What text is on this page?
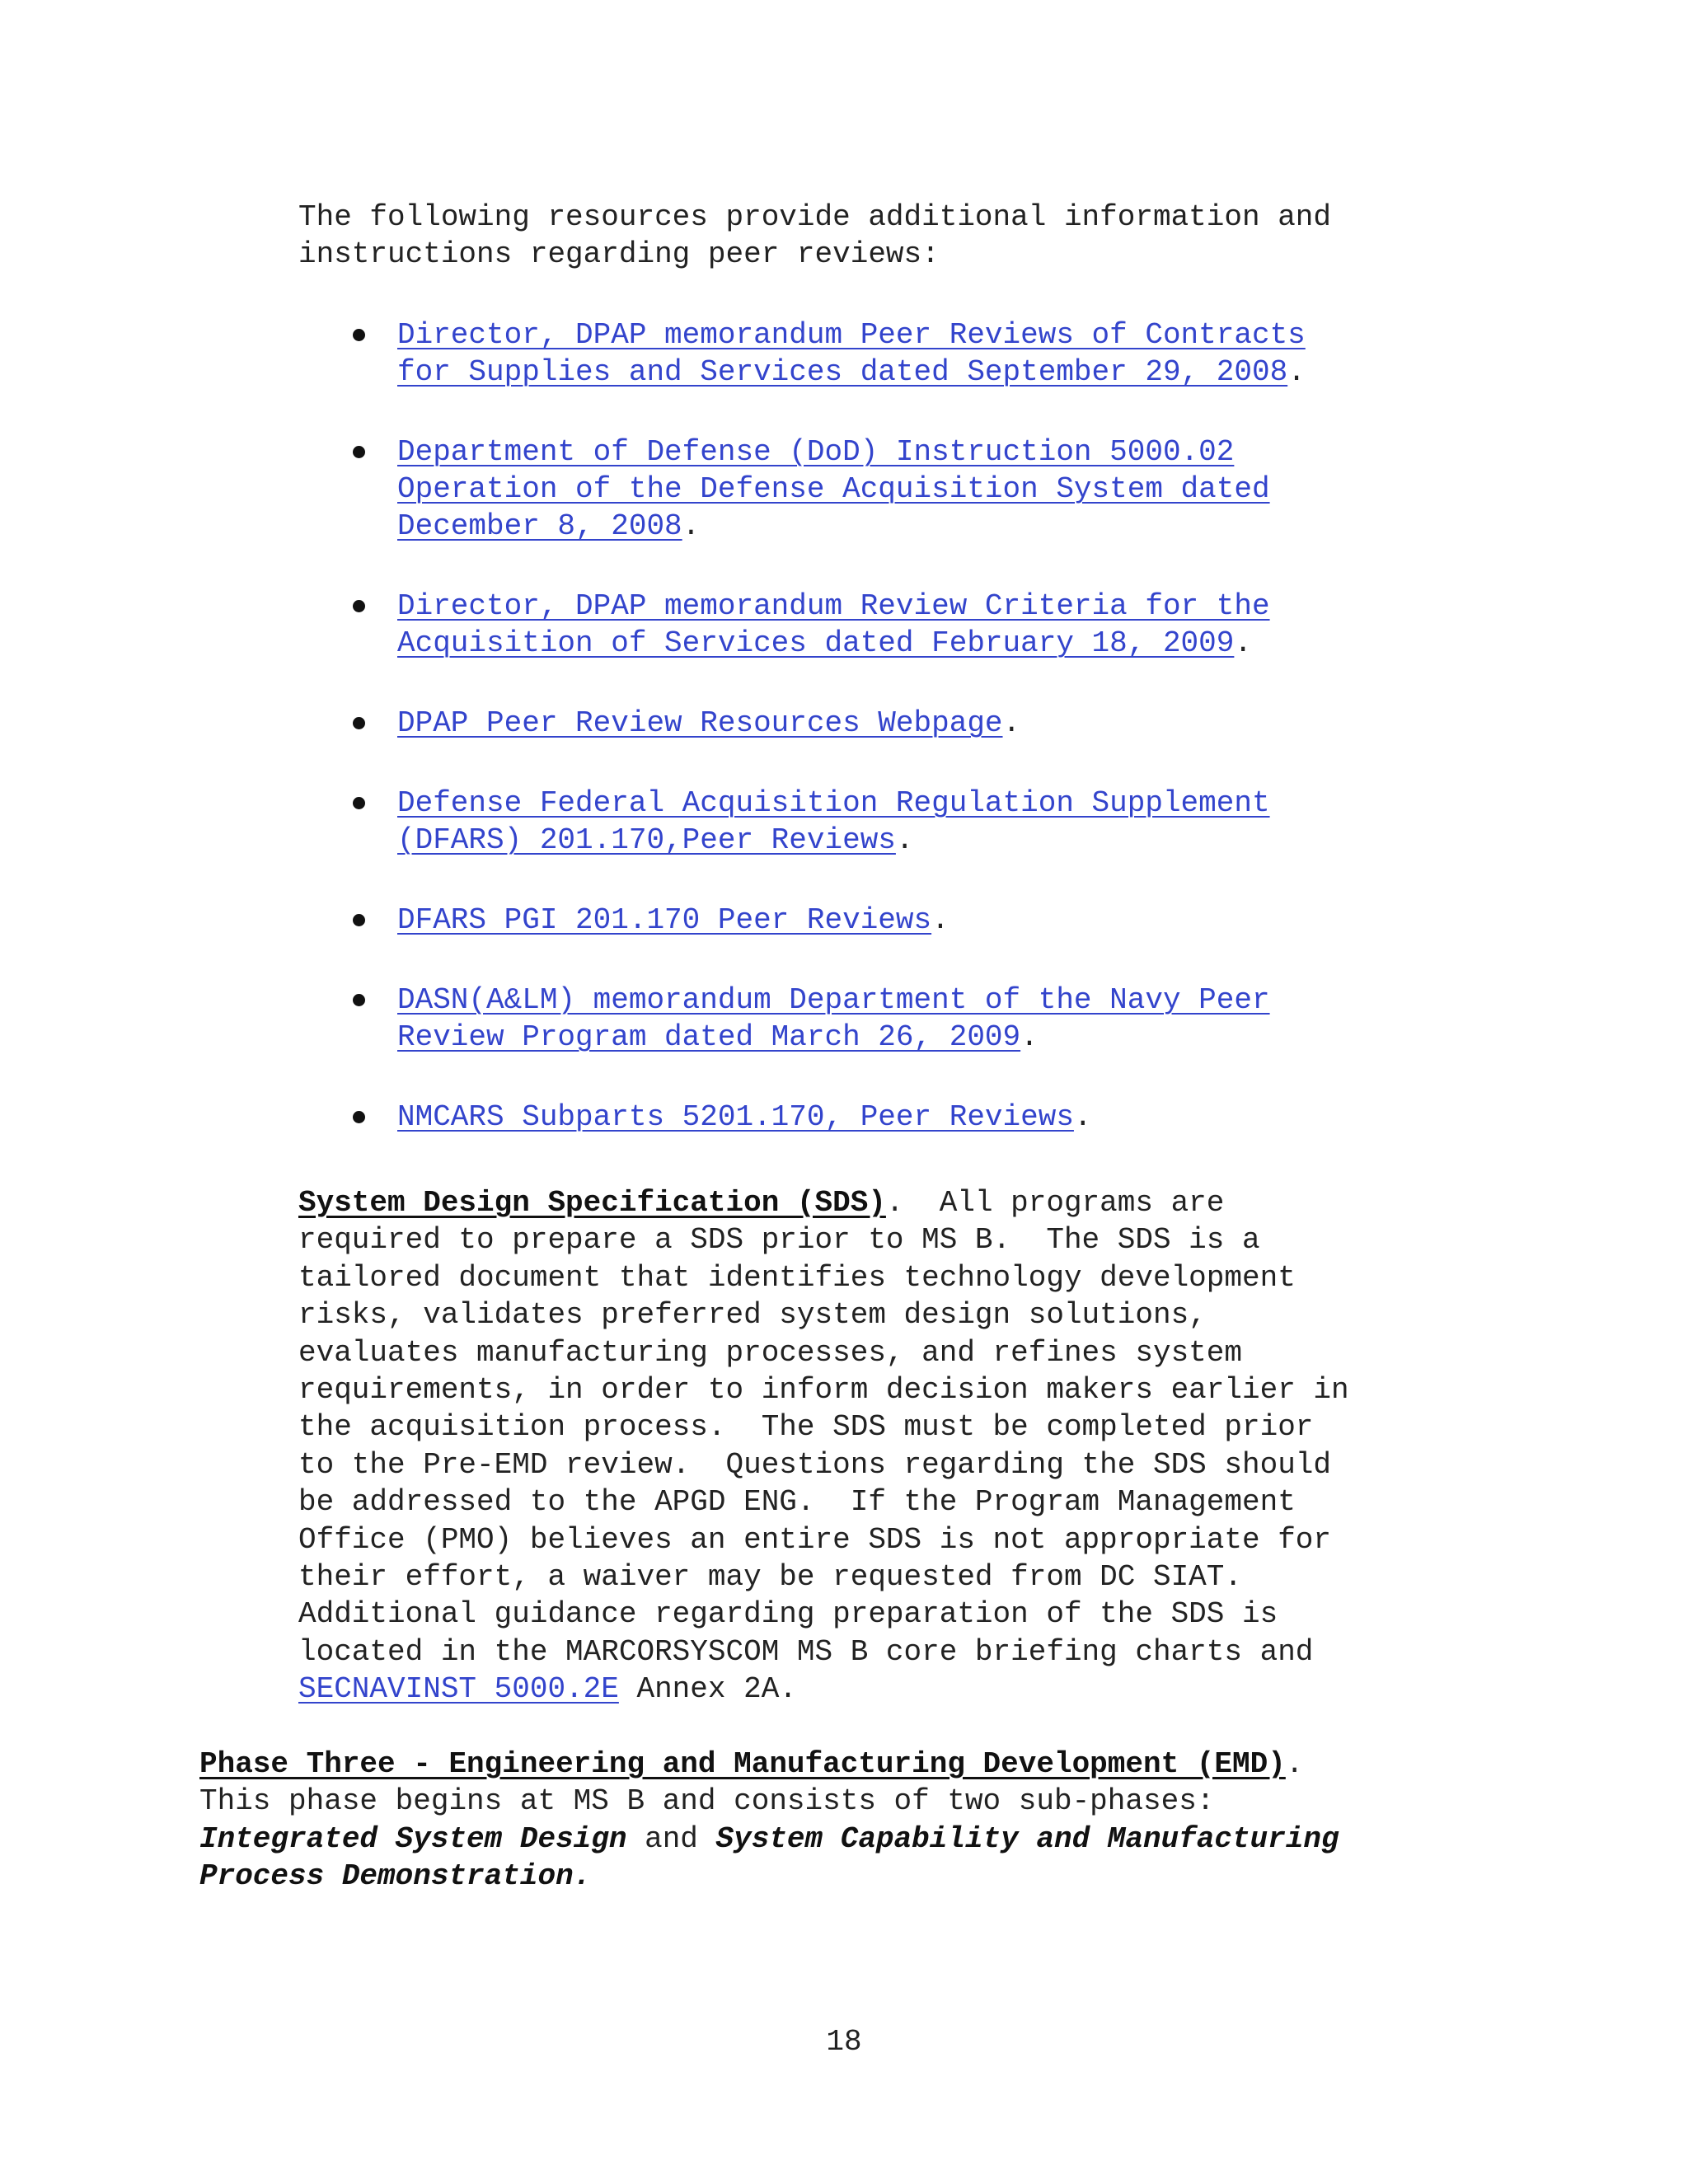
The following resources provide additional information and
instructions regarding peer reviews:

Director, DPAP memorandum Peer Reviews of Contracts
for Supplies and Services dated September 29, 2008.
Department of Defense (DoD) Instruction 5000.02
Operation of the Defense Acquisition System dated
December 8, 2008.
Director, DPAP memorandum Review Criteria for the
Acquisition of Services dated February 18, 2009.
DPAP Peer Review Resources Webpage.
Defense Federal Acquisition Regulation Supplement
(DFARS) 201.170,Peer Reviews.
DFARS PGI 201.170 Peer Reviews.
DASN(A&LM) memorandum Department of the Navy Peer
Review Program dated March 26, 2009.
NMCARS Subparts 5201.170, Peer Reviews.

System Design Specification (SDS).  All programs are
required to prepare a SDS prior to MS B.  The SDS is a
tailored document that identifies technology development
risks, validates preferred system design solutions,
evaluates manufacturing processes, and refines system
requirements, in order to inform decision makers earlier in
the acquisition process.  The SDS must be completed prior
to the Pre-EMD review.  Questions regarding the SDS should
be addressed to the APGD ENG.  If the Program Management
Office (PMO) believes an entire SDS is not appropriate for
their effort, a waiver may be requested from DC SIAT.
Additional guidance regarding preparation of the SDS is
located in the MARCORSYSCOM MS B core briefing charts and
SECNAVINST 5000.2E Annex 2A.

Phase Three - Engineering and Manufacturing Development (EMD).
This phase begins at MS B and consists of two sub-phases:
Integrated System Design and System Capability and Manufacturing
Process Demonstration.

18
